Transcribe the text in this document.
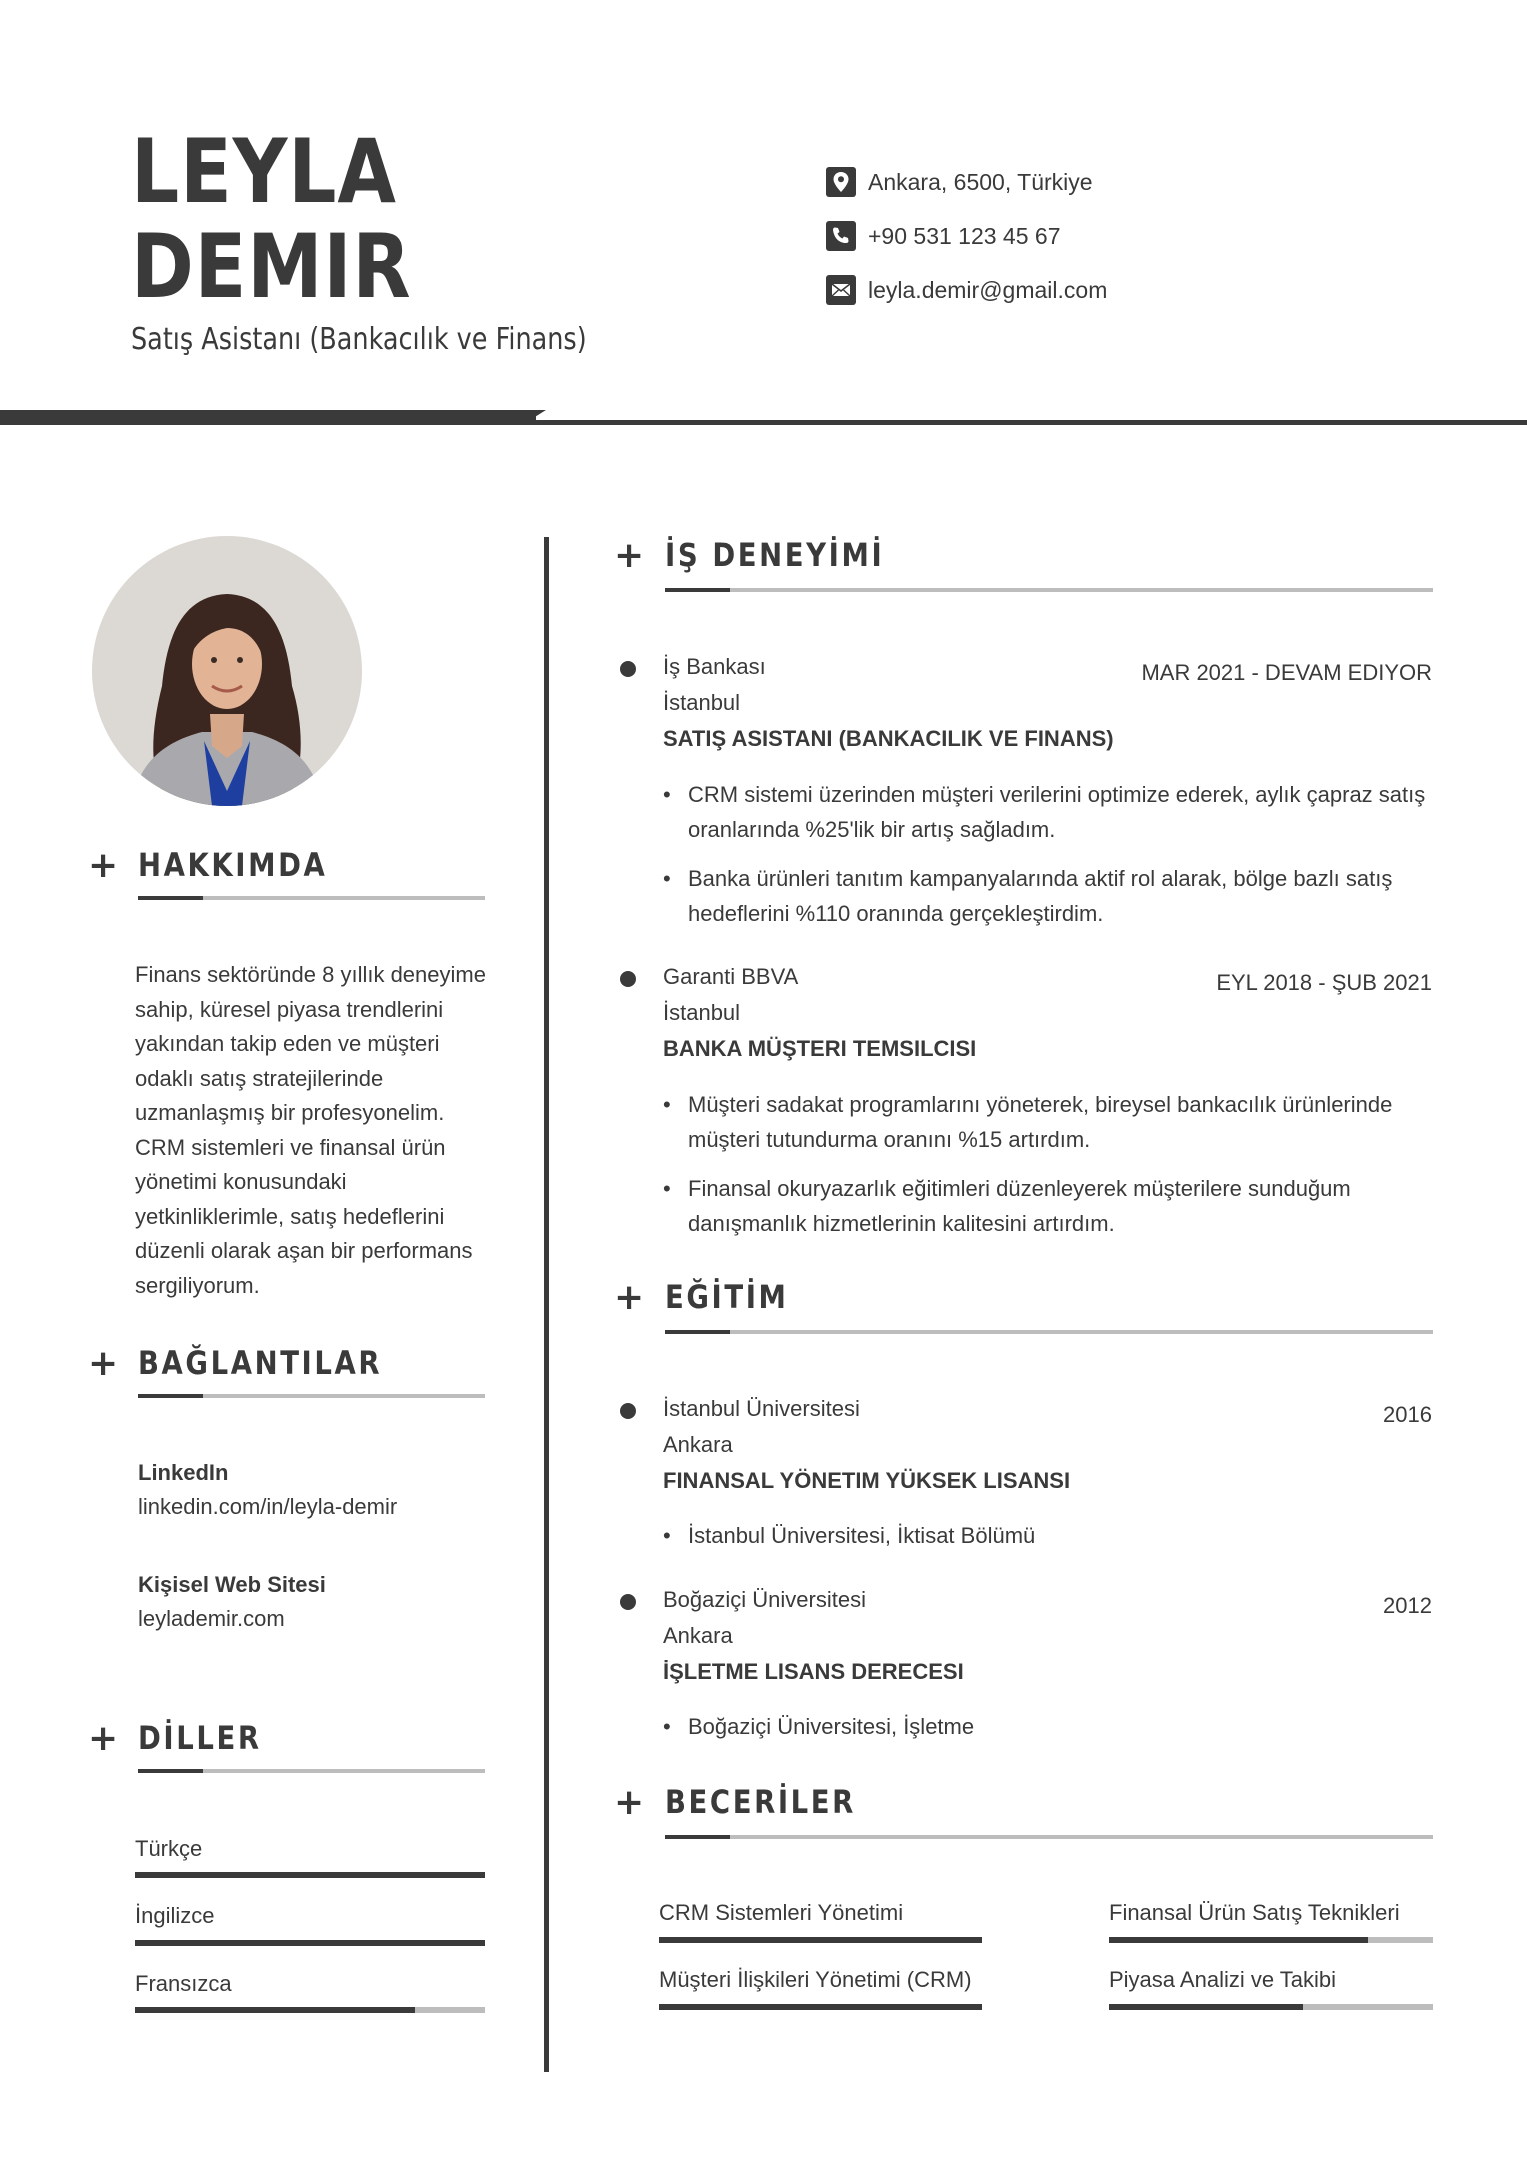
LEYLA
DEMIR
Satış Asistanı (Bankacılık ve Finans)
Ankara, 6500, Türkiye
+90 531 123 45 67
leyla.demir@gmail.com
+ HAKKIMDA
Finans sektöründe 8 yıllık deneyime sahip, küresel piyasa trendlerini yakından takip eden ve müşteri odaklı satış stratejilerinde uzmanlaşmış bir profesyonelim. CRM sistemleri ve finansal ürün yönetimi konusundaki yetkinliklerimle, satış hedeflerini düzenli olarak aşan bir performans sergiliyorum.
+ BAĞLANTILAR
LinkedIn
linkedin.com/in/leyla-demir
Kişisel Web Sitesi
leylademir.com
+ DİLLER
Türkçe
İngilizce
Fransızca
+ İŞ DENEYİMİ
İş Bankası	MAR 2021 - DEVAM EDIYOR
İstanbul
SATIŞ ASISTANI (BANKACILIK VE FINANS)
• CRM sistemi üzerinden müşteri verilerini optimize ederek, aylık çapraz satış oranlarında %25'lik bir artış sağladım.
• Banka ürünleri tanıtım kampanyalarında aktif rol alarak, bölge bazlı satış hedeflerini %110 oranında gerçekleştirdim.
Garanti BBVA	EYL 2018 - ŞUB 2021
İstanbul
BANKA MÜŞTERI TEMSILCISI
• Müşteri sadakat programlarını yöneterek, bireysel bankacılık ürünlerinde müşteri tutundurma oranını %15 artırdım.
• Finansal okuryazarlık eğitimleri düzenleyerek müşterilere sunduğum danışmanlık hizmetlerinin kalitesini artırdım.
+ EĞİTİM
İstanbul Üniversitesi	2016
Ankara
FINANSAL YÖNETIM YÜKSEK LISANSI
• İstanbul Üniversitesi, İktisat Bölümü
Boğaziçi Üniversitesi	2012
Ankara
İŞLETME LISANS DERECESI
• Boğaziçi Üniversitesi, İşletme
+ BECERİLER
CRM Sistemleri Yönetimi	Finansal Ürün Satış Teknikleri
Müşteri İlişkileri Yönetimi (CRM)	Piyasa Analizi ve Takibi
